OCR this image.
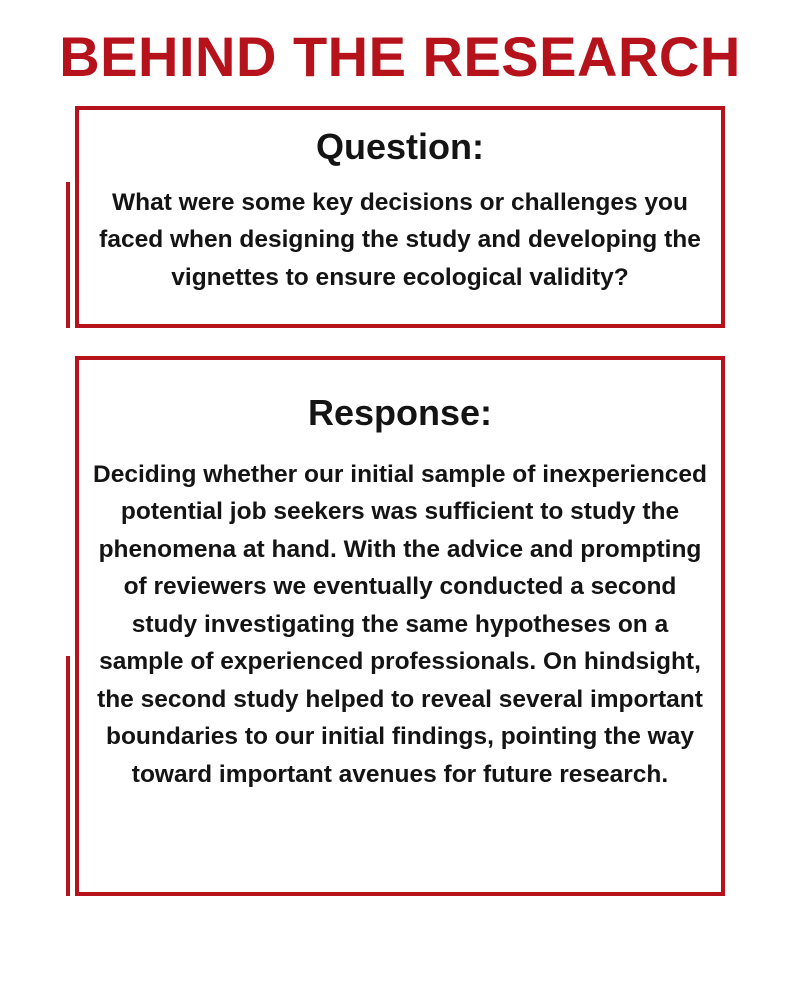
BEHIND THE RESEARCH
Question:
What were some key decisions or challenges you faced when designing the study and developing the vignettes to ensure ecological validity?
Response:
Deciding whether our initial sample of inexperienced potential job seekers was sufficient to study the phenomena at hand. With the advice and prompting of reviewers we eventually conducted a second study investigating the same hypotheses on a sample of experienced professionals. On hindsight, the second study helped to reveal several important boundaries to our initial findings, pointing the way toward important avenues for future research.
